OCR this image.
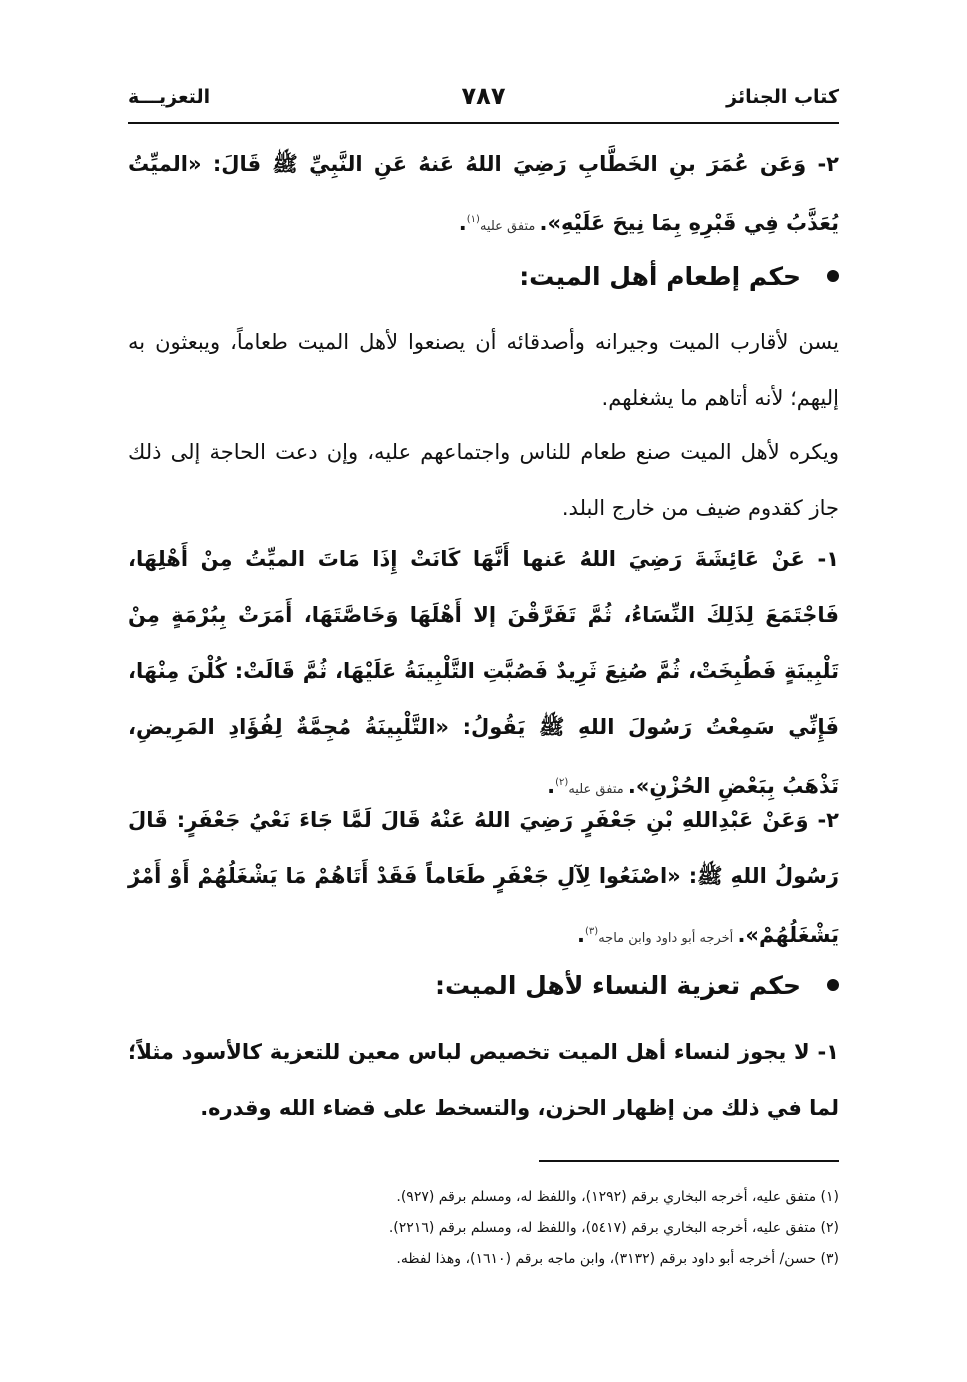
كتاب الجنائز
٧٨٧
التعزيـــة
٢- وَعَن عُمَرَ بنِ الخَطَّابِ رَضِيَ اللهُ عَنهُ عَنِ النَّبِيِّ ﷺ قَالَ: «الميِّتُ يُعَذَّبُ فِي قَبْرِهِ بِمَا نِيحَ عَلَيْهِ». متفق عليه$^{(١)}$.
حكم إطعام أهل الميت:
يسن لأقارب الميت وجيرانه وأصدقائه أن يصنعوا لأهل الميت طعاماً، ويبعثون به إليهم؛ لأنه أتاهم ما يشغلهم.
ويكره لأهل الميت صنع طعام للناس واجتماعهم عليه، وإن دعت الحاجة إلى ذلك جاز كقدوم ضيف من خارج البلد.
١- عَنْ عَائِشَةَ رَضِيَ اللهُ عَنها أَنَّهَا كَانَتْ إِذَا مَاتَ الميِّتُ مِنْ أَهْلِهَا، فَاجْتَمَعَ لِذَلِكَ النِّسَاءُ، ثُمَّ تَفَرَّقْنَ إلا أَهْلَهَا وَخَاصَّتَهَا، أَمَرَتْ بِبُرْمَةٍ مِنْ تَلْبِينَةٍ فَطُبِخَتْ، ثُمَّ صُنِعَ ثَرِيدٌ فَصُبَّتِ التَّلْبِينَةُ عَلَيْهَا، ثُمَّ قَالَتْ: كُلْنَ مِنْهَا، فَإِنِّي سَمِعْتُ رَسُولَ اللهِ ﷺ يَقُولُ: «التَّلْبِينَةُ مُجِمَّةٌ لِفُؤَادِ المَرِيضِ، تَذْهَبُ بِبَعْضِ الحُزْنِ». متفق عليه$^{(٢)}$.
٢- وَعَنْ عَبْدِاللهِ بْنِ جَعْفَرٍ رَضِيَ اللهُ عَنْهُ قَالَ لَمَّا جَاءَ نَعْيُ جَعْفَرٍ: قَالَ رَسُولُ اللهِ ﷺ: «اصْنَعُوا لِآلِ جَعْفَرٍ طَعَاماً فَقَدْ أَتَاهُمْ مَا يَشْغَلُهُمْ أَوْ أَمْرٌ يَشْغَلُهُمْ». أخرجه أبو داود وابن ماجه$^{(٣)}$.
حكم تعزية النساء لأهل الميت:
١- لا يجوز لنساء أهل الميت تخصيص لباس معين للتعزية كالأسود مثلاً؛ لما في ذلك من إظهار الحزن، والتسخط على قضاء الله وقدره.
(١) متفق عليه، أخرجه البخاري برقم (١٢٩٢)، واللفظ له، ومسلم برقم (٩٢٧).
(٢) متفق عليه، أخرجه البخاري برقم (٥٤١٧)، واللفظ له، ومسلم برقم (٢٢١٦).
(٣) حسن/ أخرجه أبو داود برقم (٣١٣٢)، وابن ماجه برقم (١٦١٠)، وهذا لفظه.
